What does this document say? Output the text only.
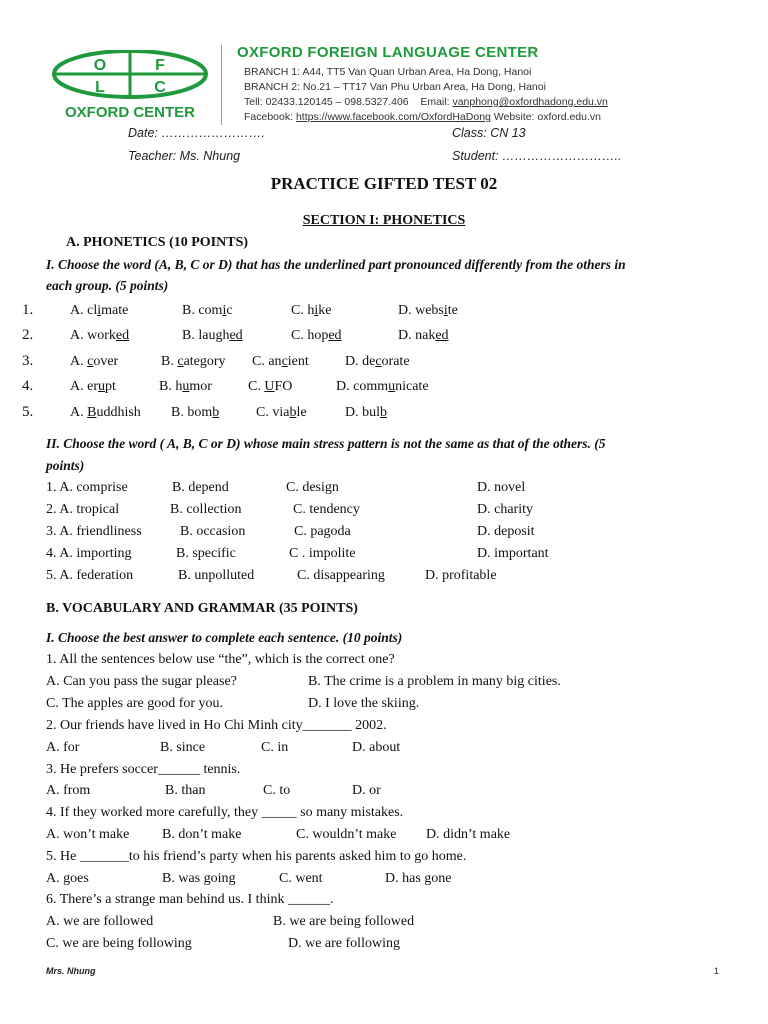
O	F
L	C
OXFORD CENTER
OXFORD FOREIGN LANGUAGE CENTER
BRANCH 1: A44, TT5 Van Quan Urban Area, Ha Dong, Hanoi
BRANCH 2: No.21 – TT17 Van Phu Urban Area, Ha Dong, Hanoi
Tell: 02433.120145 – 098.5327.406 Email: vanphong@oxfordhadong.edu.vn
Facebook: https://www.facebook.com/OxfordHaDong Website: oxford.edu.vn
Date: …………………….	Class: CN 13
Teacher: Ms. Nhung	Student: ………………………..
PRACTICE GIFTED TEST 02
SECTION I: PHONETICS
A. PHONETICS (10 POINTS)
I. Choose the word (A, B, C or D) that has the underlined part pronounced differently from the others in
each group. (5 points)
1.	A. climate	B. comic	C. hike	D. website
2.	A. worked	B. laughed	C. hoped	D. naked
3.	A. cover	B. category C. ancient	D. decorate
4.	A. erupt	B. humor	C. UFO	D. communicate
5.	A. Buddhish B. bomb	C. viable	D. bulb
II. Choose the word ( A, B, C or D) whose main stress pattern is not the same as that of the others. (5
points)
1. A. comprise	B. depend	C. design	D. novel
2. A. tropical	B. collection	C. tendency	D. charity
3. A. friendliness	B. occasion	C. pagoda	D. deposit
4. A. importing	B. specific	C . impolite	D. important
5. A. federation	B. unpolluted	C. disappearing	D. profitable
B. VOCABULARY AND GRAMMAR (35 POINTS)
I. Choose the best answer to complete each sentence. (10 points)
1. All the sentences below use “the”, which is the correct one?
A. Can you pass the sugar please?	B. The crime is a problem in many big cities.
C. The apples are good for you.	D. I love the skiing.
2. Our friends have lived in Ho Chi Minh city_______ 2002.
A. for	B. since	C. in	D. about
3. He prefers soccer______ tennis.
A. from	B. than	C. to	D. or
4. If they worked more carefully, they _____ so many mistakes.
A. won’t make B. don’t make	C. wouldn’t make D. didn’t make
5. He _______to his friend’s party when his parents asked him to go home.
A. goes	B. was going	C. went	D. has gone
6. There’s a strange man behind us. I think ______.
A. we are followed	B. we are being followed
C. we are being following	D. we are following
Mrs. Nhung	1
